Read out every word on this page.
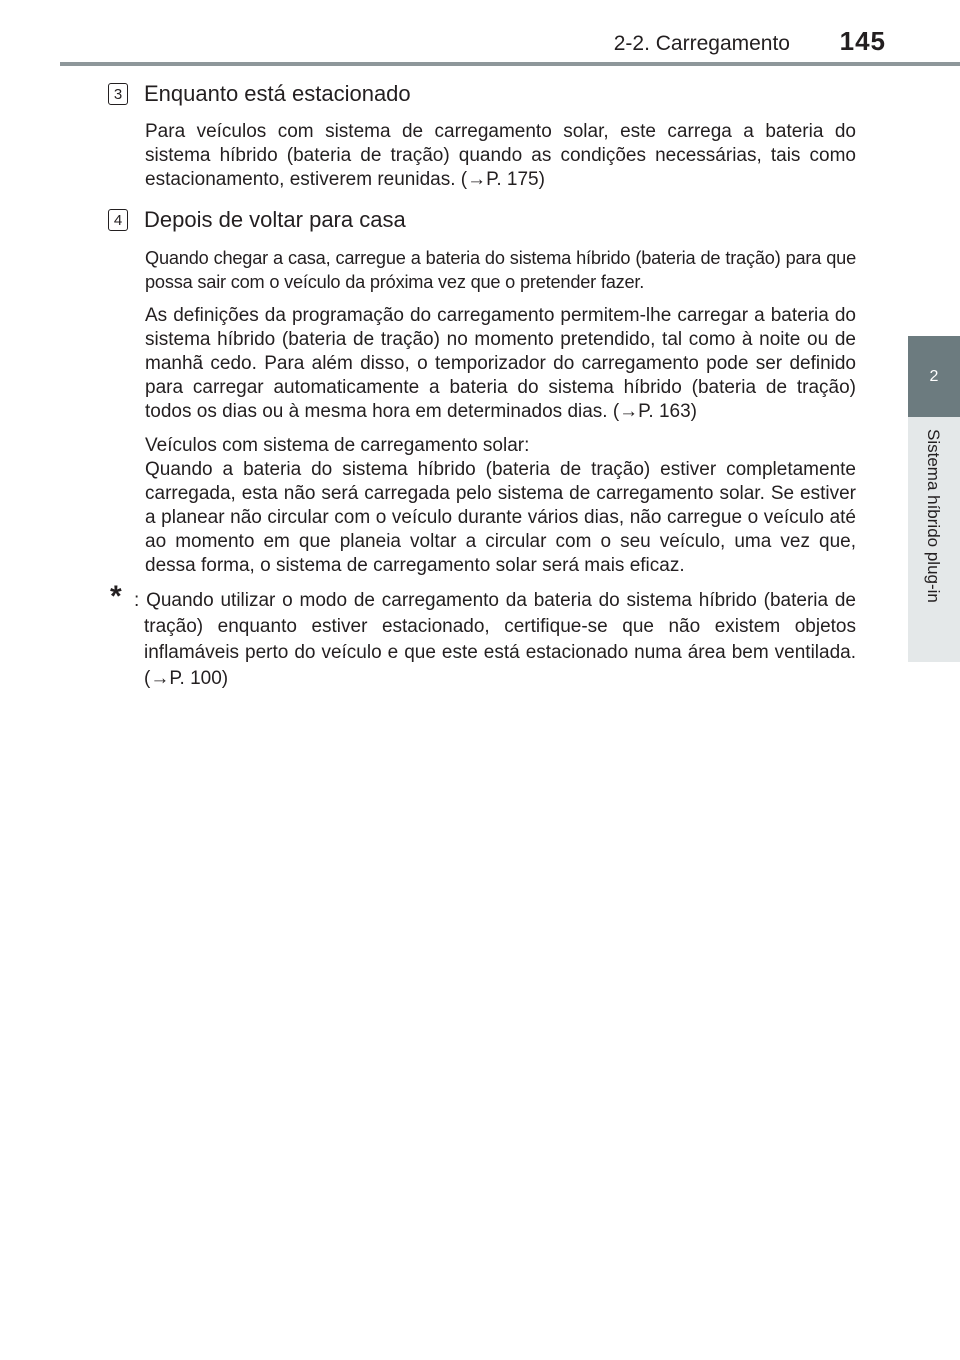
2-2. Carregamento 145
2
Sistema híbrido plug-in
3 Enquanto está estacionado

Para veículos com sistema de carregamento solar, este carrega a bateria do sistema híbrido (bateria de tração) quando as condições necessárias, tais como estacionamento, estiverem reunidas. (→P. 175)

4 Depois de voltar para casa

Quando chegar a casa, carregue a bateria do sistema híbrido (bateria de tração) para que possa sair com o veículo da próxima vez que o pretender fazer.

As definições da programação do carregamento permitem-lhe carregar a bateria do sistema híbrido (bateria de tração) no momento pretendido, tal como à noite ou de manhã cedo. Para além disso, o temporizador do carregamento pode ser definido para carregar automaticamente a bateria do sistema híbrido (bateria de tração) todos os dias ou à mesma hora em determinados dias. (→P. 163)

Veículos com sistema de carregamento solar:

Quando a bateria do sistema híbrido (bateria de tração) estiver completamente carregada, esta não será carregada pelo sistema de carregamento solar. Se estiver a planear não circular com o veículo durante vários dias, não carregue o veículo até ao momento em que planeia voltar a circular com o seu veículo, uma vez que, dessa forma, o sistema de carregamento solar será mais eficaz.

* : Quando utilizar o modo de carregamento da bateria do sistema híbrido (bateria de tração) enquanto estiver estacionado, certifique-se que não existem objetos inflamáveis perto do veículo e que este está estacionado numa área bem ventilada. (→P. 100)
